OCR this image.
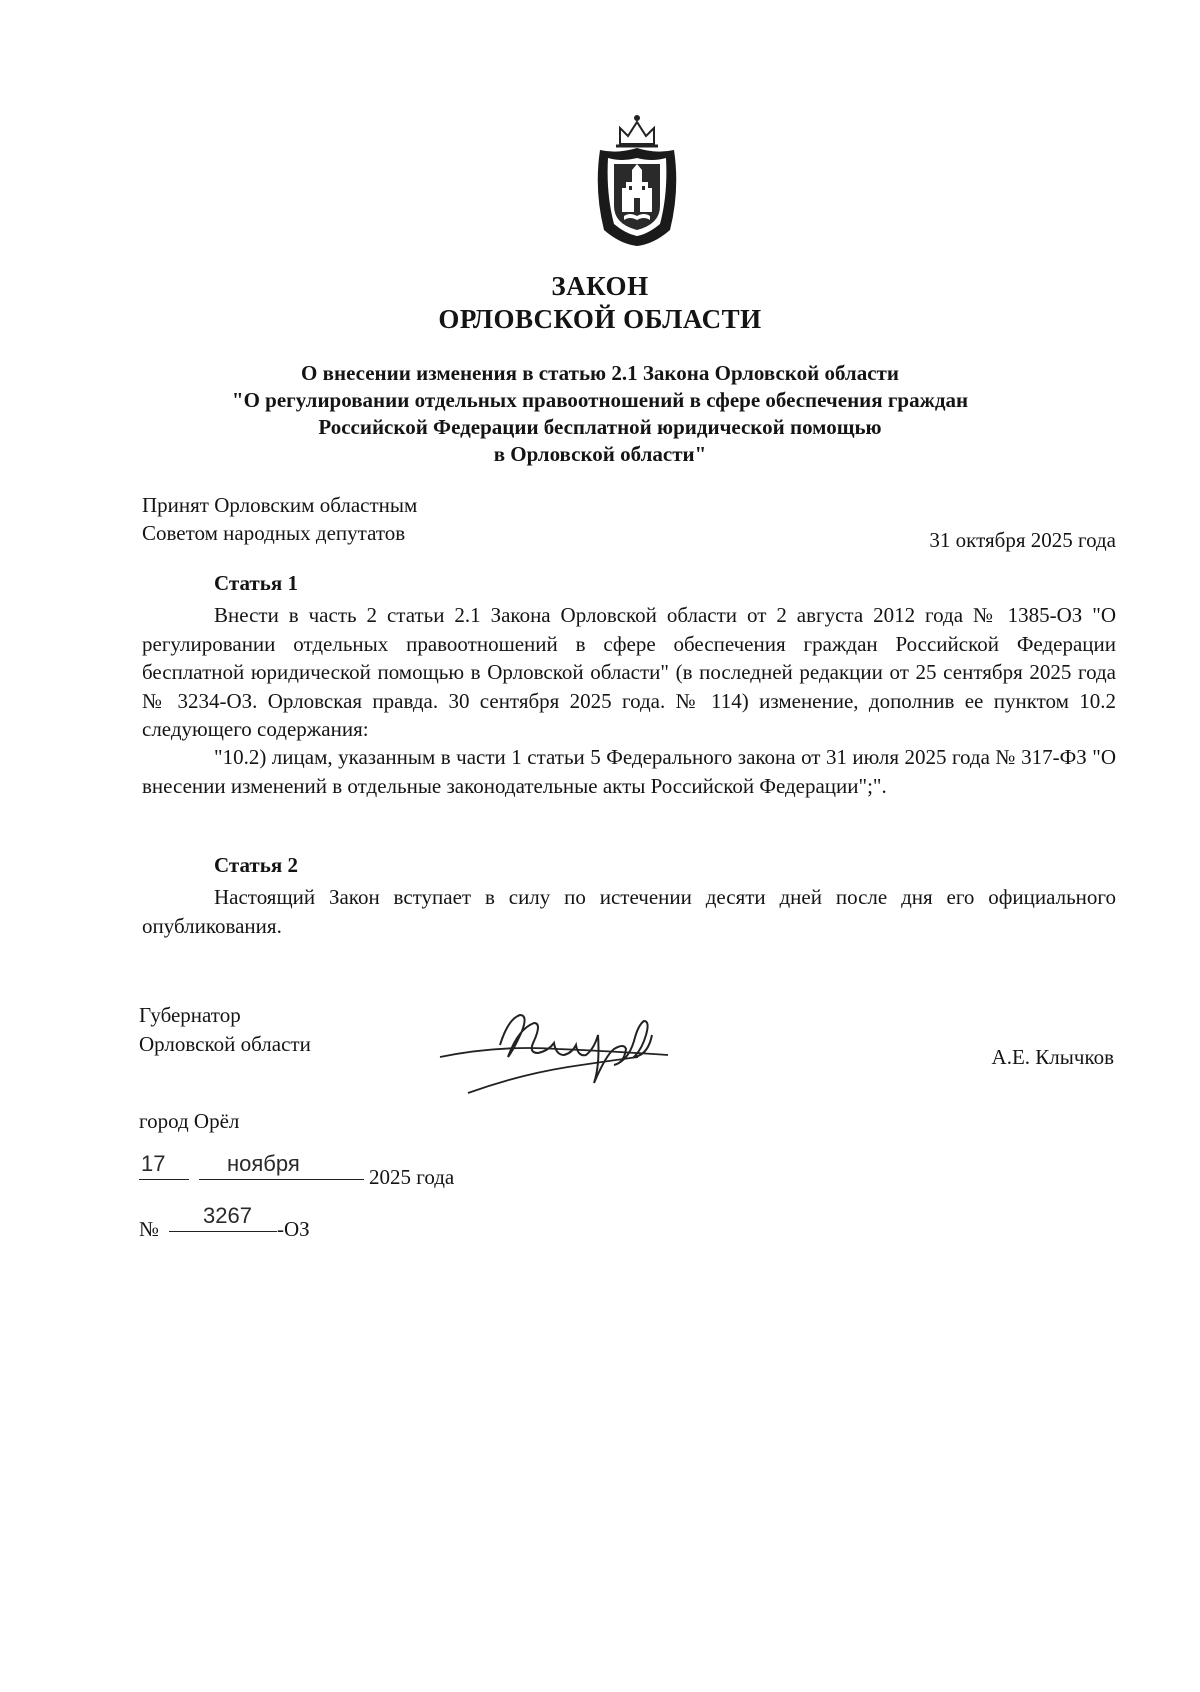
ЗАКОН
ОРЛОВСКОЙ ОБЛАСТИ
О внесении изменения в статью 2.1 Закона Орловской области
"О регулировании отдельных правоотношений в сфере обеспечения граждан
Российской Федерации бесплатной юридической помощью
в Орловской области"
Принят Орловским областным
Советом народных депутатов	31 октября 2025 года
Статья 1

Внести в часть 2 статьи 2.1 Закона Орловской области от 2 августа 2012 года № 1385-ОЗ "О регулировании отдельных правоотношений в сфере обеспечения граждан Российской Федерации бесплатной юридической помощью в Орловской области" (в последней редакции от 25 сентября 2025 года № 3234-ОЗ. Орловская правда. 30 сентября 2025 года. № 114) изменение, дополнив ее пунктом 10.2 следующего содержания:

"10.2) лицам, указанным в части 1 статьи 5 Федерального закона от 31 июля 2025 года № 317-ФЗ "О внесении изменений в отдельные законодательные акты Российской Федерации";".

Статья 2

Настоящий Закон вступает в силу по истечении десяти дней после дня его официального опубликования.

Губернатор
Орловской области
А.Е. Клычков
город Орёл
17	ноября
2025 года
№
3267
-ОЗ
